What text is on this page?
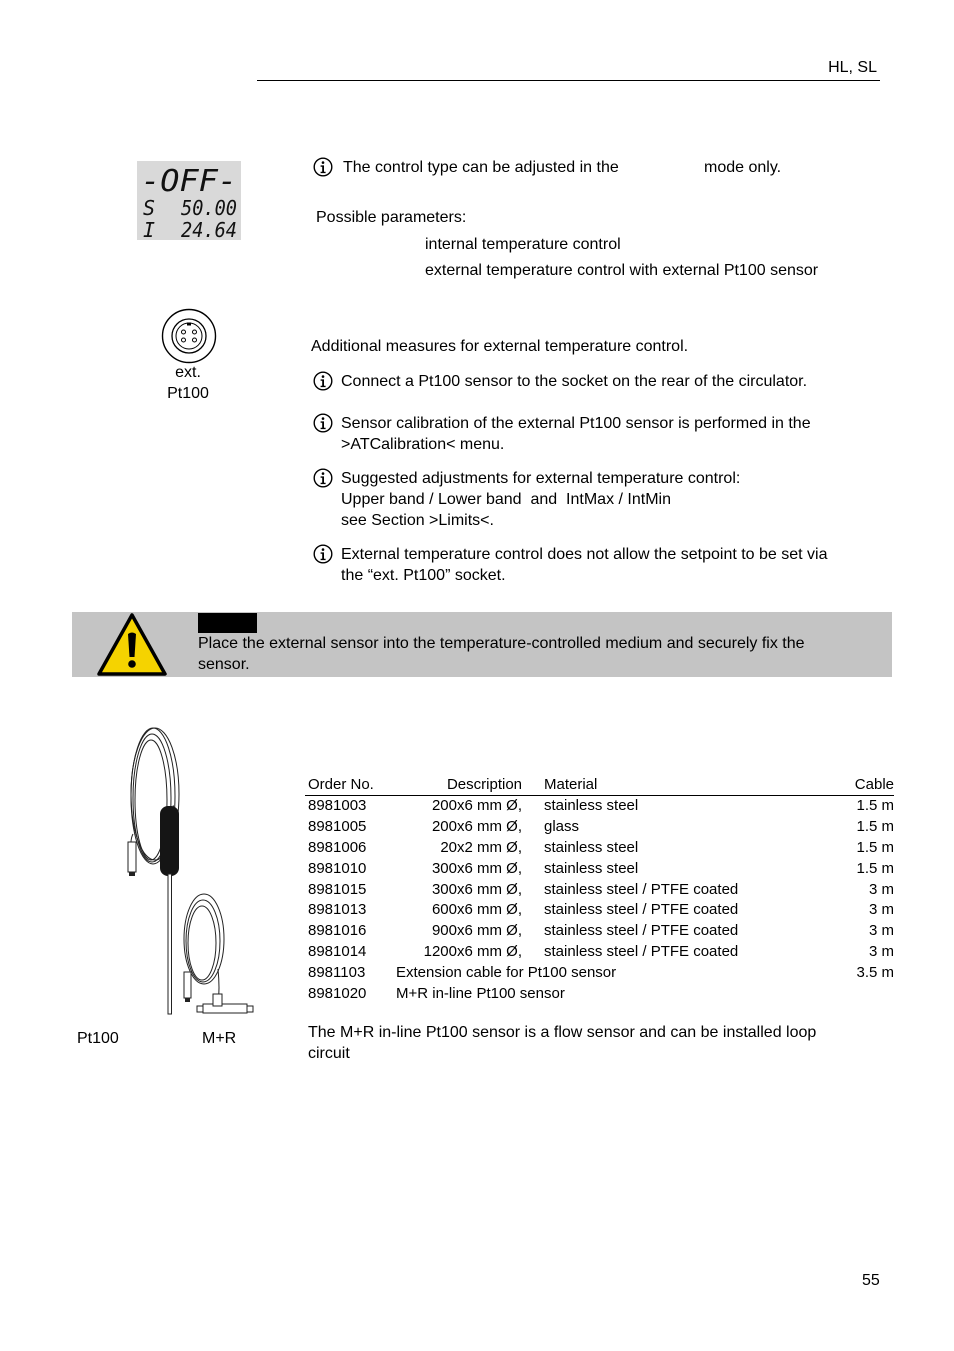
HL, SL
-OFF-
S 50.00
I 24.64
The control type can be adjusted in the	mode only.
Possible parameters:
internal temperature control
external temperature control with external Pt100 sensor
ext.
Pt100
Additional measures for external temperature control.
Connect a Pt100 sensor to the socket on the rear of the circulator.
Sensor calibration of the external Pt100 sensor is performed in the
>ATCalibration< menu.
Suggested adjustments for external temperature control:
Upper band / Lower band  and  IntMax / IntMin
see Section >Limits<.
External temperature control does not allow the setpoint to be set via
the “ext. Pt100” socket.
Place the external sensor into the temperature-controlled medium and securely fix the
sensor.
Pt100	M+R
Order No.	Description	Material	Cable
8981003	200x6 mm Ø,	stainless steel	1.5 m
8981005	200x6 mm Ø,	glass	1.5 m
8981006	20x2 mm Ø,	stainless steel	1.5 m
8981010	300x6 mm Ø,	stainless steel	1.5 m
8981015	300x6 mm Ø,	stainless steel / PTFE coated	3 m
8981013	600x6 mm Ø,	stainless steel / PTFE coated	3 m
8981016	900x6 mm Ø,	stainless steel / PTFE coated	3 m
8981014	1200x6 mm Ø,	stainless steel / PTFE coated	3 m
8981103	Extension cable for Pt100 sensor		3.5 m
8981020	M+R in-line Pt100 sensor		
The M+R in-line Pt100 sensor is a flow sensor and can be installed loop
circuit
55
